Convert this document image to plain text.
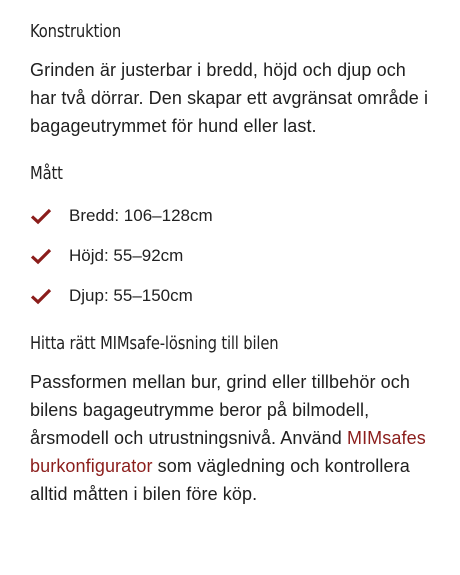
Konstruktion

Grinden är justerbar i bredd, höjd och djup och har två dörrar. Den skapar ett avgränsat område i bagageutrymmet för hund eller last.

Mått
Bredd: 106–128cm
Höjd: 55–92cm
Djup: 55–150cm
Hitta rätt MIMsafe-lösning till bilen

Passformen mellan bur, grind eller tillbehör och bilens bagageutrymme beror på bilmodell, årsmodell och utrustningsnivå. Använd MIMsafes burkonfigurator som vägledning och kontrollera alltid måtten i bilen före köp.
